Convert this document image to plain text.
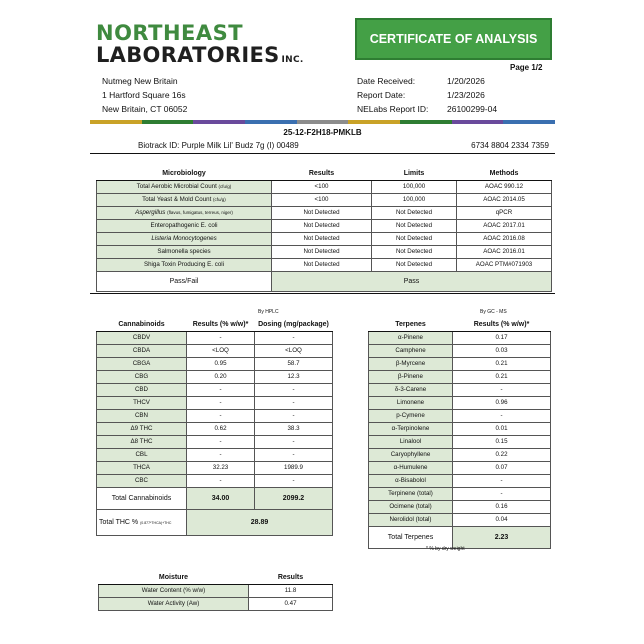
NORTHEAST
LABORATORIES INC.
CERTIFICATE OF ANALYSIS
Page 1/2
Nutmeg New Britain
1 Hartford Square 16s
New Britain, CT 06052
Date Received:	1/20/2026
Report Date:	1/23/2026
NELabs Report ID:	26100299-04
25-12-F2H18-PMKLB
Biotrack ID: Purple Milk Lil' Budz 7g (I) 00489	6734 8804 2334 7359
Microbiology	Results	Limits	Methods
Total Aerobic Microbial Count (cfu/g)	<100	100,000	AOAC 990.12
Total Yeast & Mold Count (cfu/g)	<100	100,000	AOAC 2014.05
Aspergillus (flavus, fumigatus, terreus, niger)	Not Detected	Not Detected	qPCR
Enteropathogenic E. coli	Not Detected	Not Detected	AOAC 2017.01
Listeria Monocytogenes	Not Detected	Not Detected	AOAC 2016.08
Salmonella species	Not Detected	Not Detected	AOAC 2016.01
Shiga Toxin Producing E. coli	Not Detected	Not Detected	AOAC PTM#071903
Pass/Fail	Pass		
By HPLC	By GC - MS
Cannabinoids	Results (% w/w)*	Dosing (mg/package)
CBDV	-	-
CBDA	<LOQ	<LOQ
CBGA	0.95	58.7
CBG	0.20	12.3
CBD	-	-
THCV	-	-
CBN	-	-
Δ9 THC	0.62	38.3
Δ8 THC	-	-
CBL	-	-
THCA	32.23	1989.9
CBC	-	-
Total Cannabinoids	34.00	2099.2
Total THC % (0.877*THCA)+THC	28.89	
Terpenes	Results (% w/w)*
α-Pinene	0.17
Camphene	0.03
β-Myrcene	0.21
β-Pinene	0.21
δ-3-Carene	-
Limonene	0.96
p-Cymene	-
α-Terpinolene	0.01
Linalool	0.15
Caryophyllene	0.22
α-Humulene	0.07
α-Bisabolol	-
Terpinene (total)	-
Ocimene (total)	0.16
Nerolidol (total)	0.04
Total Terpenes	2.23
* % by dry weight
Moisture	Results
Water Content (% w/w)	11.8
Water Activity (Aw)	0.47
